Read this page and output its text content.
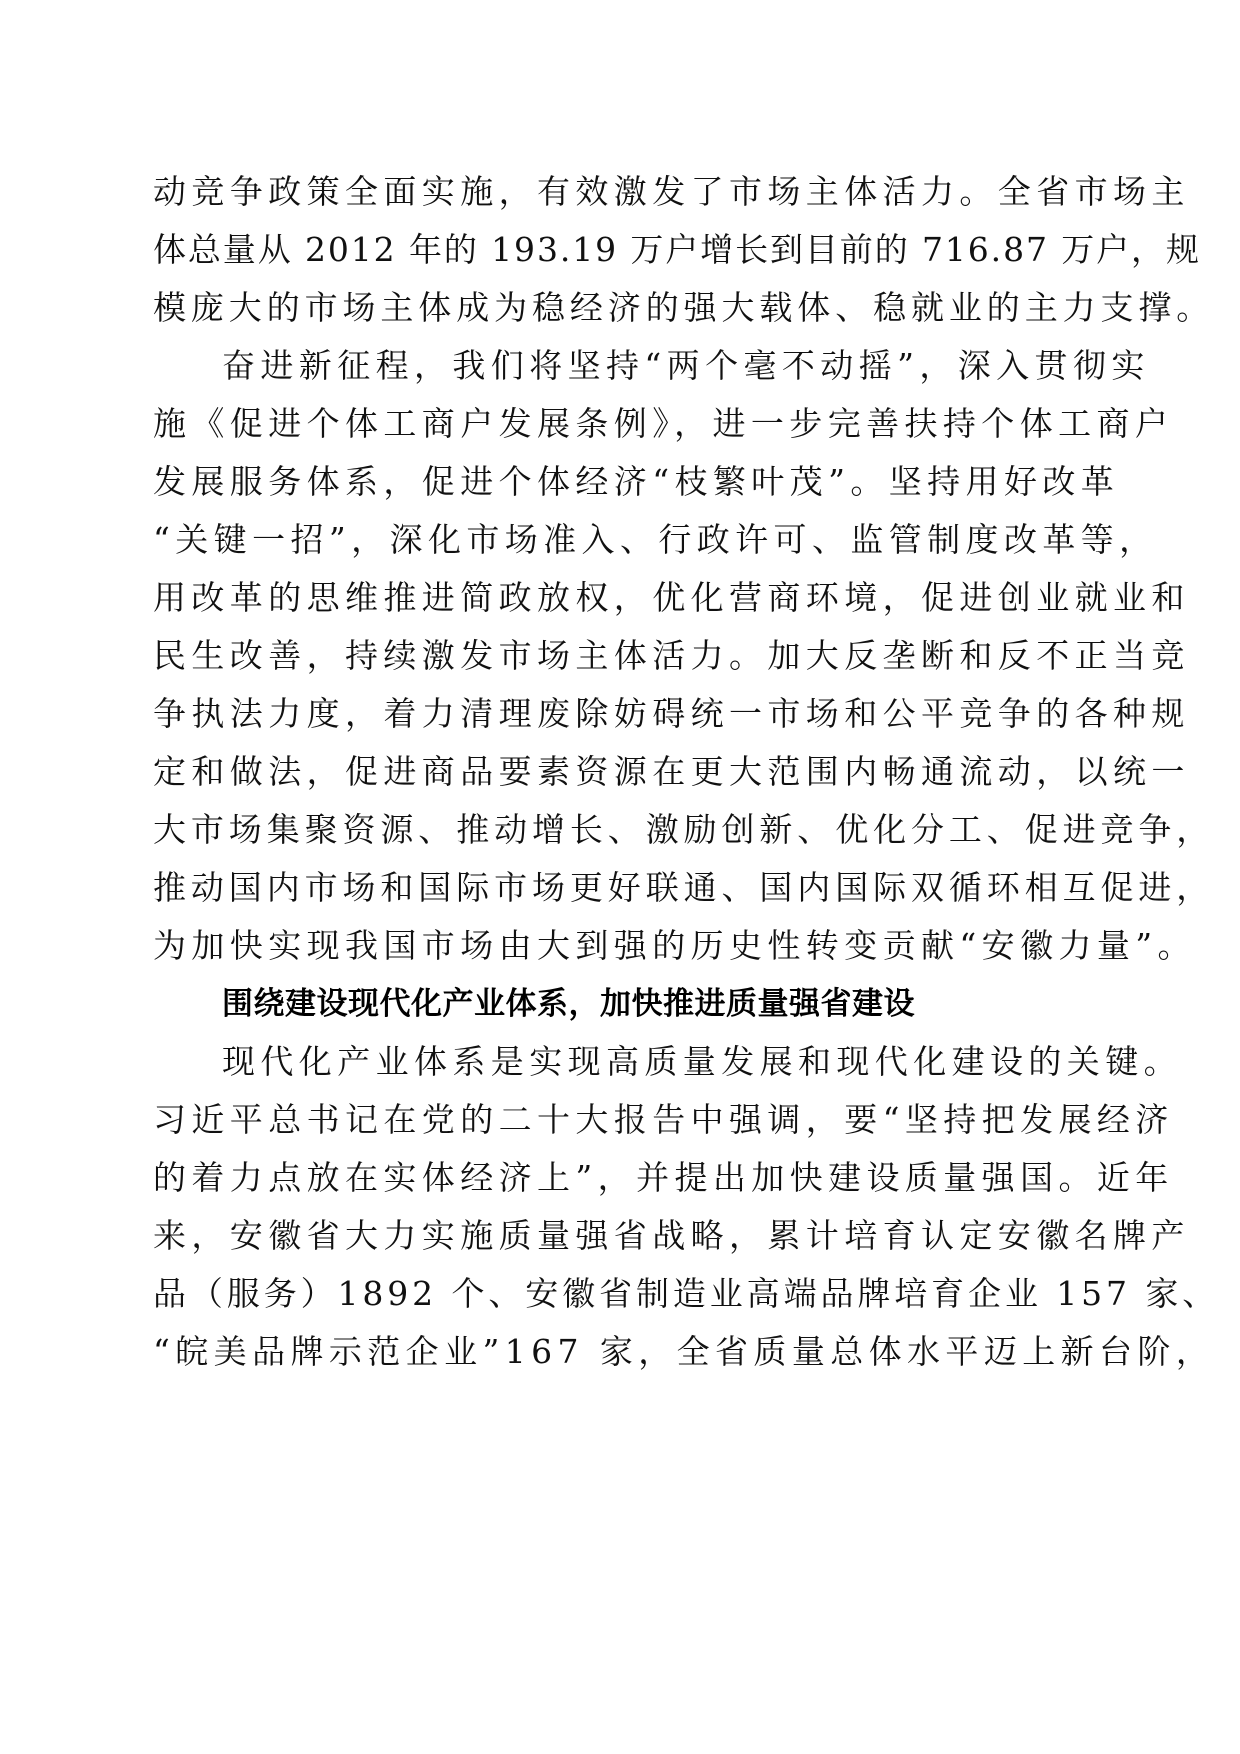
动竞争政策全面实施，有效激发了市场主体活力。全省市场主
体总量从 2012 年的 193.19 万户增长到目前的 716.87 万户，规
模庞大的市场主体成为稳经济的强大载体、稳就业的主力支撑。
奋进新征程，我们将坚持“两个毫不动摇”，深入贯彻实
施《促进个体工商户发展条例》，进一步完善扶持个体工商户
发展服务体系，促进个体经济“枝繁叶茂”。坚持用好改革
“关键一招”，深化市场准入、行政许可、监管制度改革等，
用改革的思维推进简政放权，优化营商环境，促进创业就业和
民生改善，持续激发市场主体活力。加大反垄断和反不正当竞
争执法力度，着力清理废除妨碍统一市场和公平竞争的各种规
定和做法，促进商品要素资源在更大范围内畅通流动，以统一
大市场集聚资源、推动增长、激励创新、优化分工、促进竞争，
推动国内市场和国际市场更好联通、国内国际双循环相互促进，
为加快实现我国市场由大到强的历史性转变贡献“安徽力量”。
围绕建设现代化产业体系，加快推进质量强省建设
现代化产业体系是实现高质量发展和现代化建设的关键。
习近平总书记在党的二十大报告中强调，要“坚持把发展经济
的着力点放在实体经济上”，并提出加快建设质量强国。近年
来，安徽省大力实施质量强省战略，累计培育认定安徽名牌产
品（服务）1892 个、安徽省制造业高端品牌培育企业 157 家、
“皖美品牌示范企业”167 家，全省质量总体水平迈上新台阶，
